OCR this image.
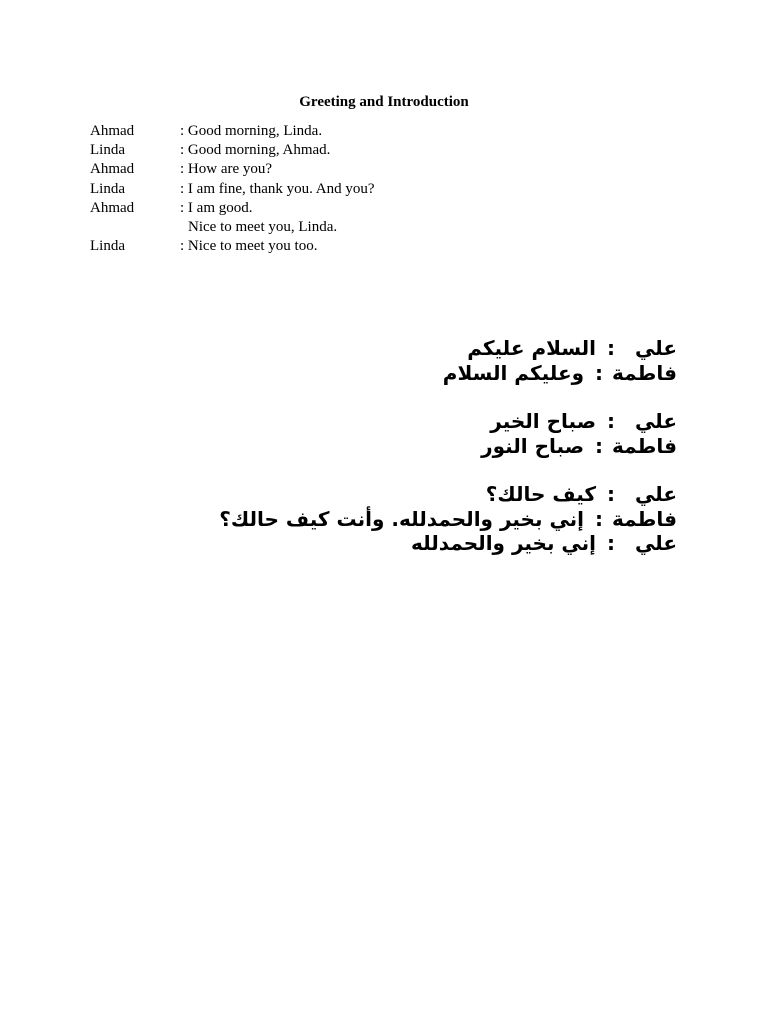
Greeting and Introduction
Ahmad	: Good morning, Linda.
Linda	: Good morning, Ahmad.
Ahmad	: How are you?
Linda	: I am fine, thank you. And you?
Ahmad	: I am good.
Nice to meet you, Linda.
Linda	: Nice to meet you too.
علي: السلام عليكم
فاطمة: وعليكم السلام
علي: صباح الخير
فاطمة: صباح النور
علي: كيف حالك؟
فاطمة: إني بخير والحمدلله. وأنت كيف حالك؟
علي: إني بخير والحمدلله
